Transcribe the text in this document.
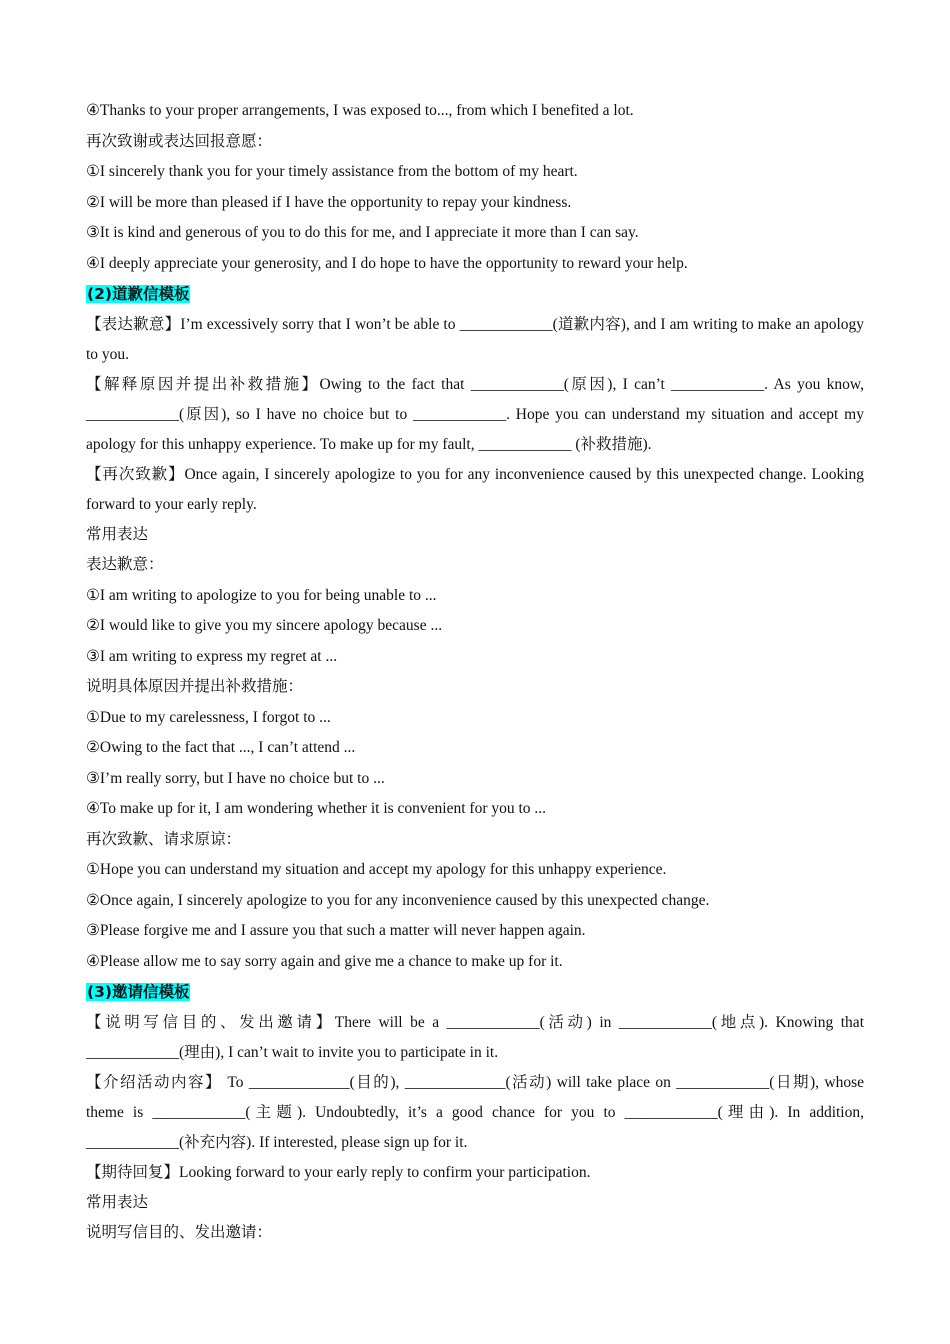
④Thanks to your proper arrangements, I was exposed to..., from which I benefited a lot.

再次致谢或表达回报意愿：

①I sincerely thank you for your timely assistance from the bottom of my heart.

②I will be more than pleased if I have the opportunity to repay your kindness.

③It is kind and generous of you to do this for me, and I appreciate it more than I can say.

④I deeply appreciate your generosity, and I do hope to have the opportunity to reward your help.

(2)道歉信模板

【表达歉意】I’m excessively sorry that I won’t be able to ____________(道歉内容), and I am writing to make an apology to you.

【解释原因并提出补救措施】Owing to the fact that ____________(原因), I can’t ____________. As you know, ____________(原因), so I have no choice but to ____________. Hope you can understand my situation and accept my apology for this unhappy experience. To make up for my fault, ____________ (补救措施).

【再次致歉】Once again, I sincerely apologize to you for any inconvenience caused by this unexpected change. Looking forward to your early reply.

常用表达

表达歉意：

①I am writing to apologize to you for being unable to ...

②I would like to give you my sincere apology because ...

③I am writing to express my regret at ...

说明具体原因并提出补救措施：

①Due to my carelessness, I forgot to ...

②Owing to the fact that ..., I can’t attend ...

③I’m really sorry, but I have no choice but to ...

④To make up for it, I am wondering whether it is convenient for you to ...

再次致歉、请求原谅：

①Hope you can understand my situation and accept my apology for this unhappy experience.

②Once again, I sincerely apologize to you for any inconvenience caused by this unexpected change.

③Please forgive me and I assure you that such a matter will never happen again.

④Please allow me to say sorry again and give me a chance to make up for it.

(3)邀请信模板

【说明写信目的、发出邀请】There will be a ____________(活动) in ____________(地点). Knowing that ____________(理由), I can’t wait to invite you to participate in it.

【介绍活动内容】 To _____________(目的), _____________(活动) will take place on ____________(日期), whose theme is ____________(主题). Undoubtedly, it’s a good chance for you to ____________(理由). In addition, ____________(补充内容). If interested, please sign up for it.

【期待回复】Looking forward to your early reply to confirm your participation.

常用表达

说明写信目的、发出邀请：
